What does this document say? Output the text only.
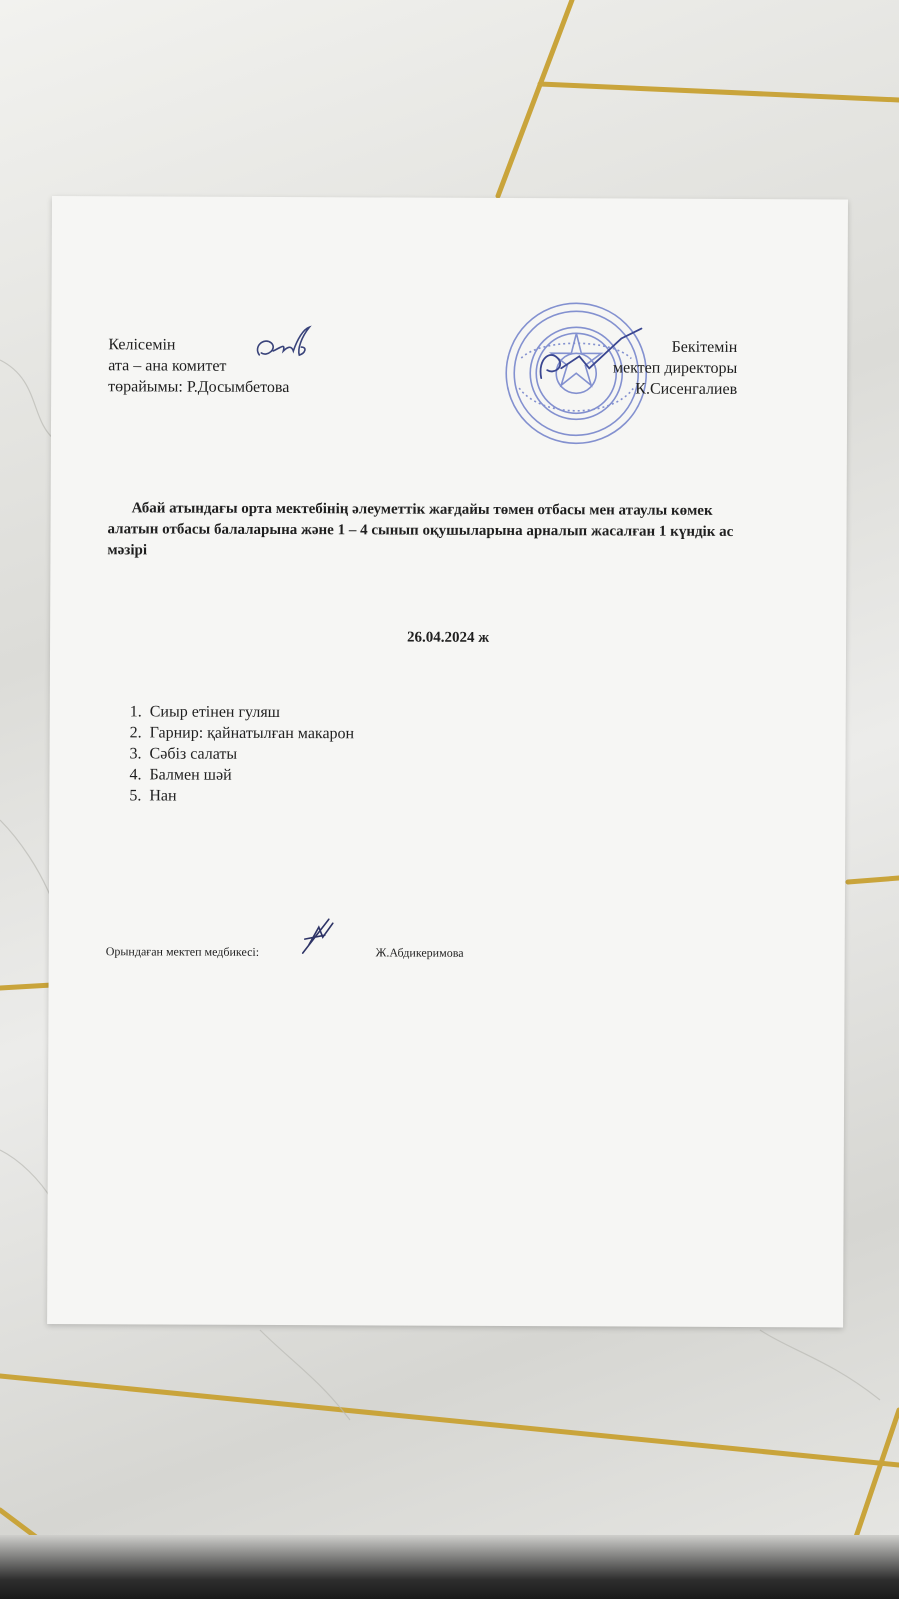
Келісемін
ата – ана комитет
төрайымы: Р.Досымбетова
Бекітемін
мектеп директоры
К.Сисенгалиев
Абай атындағы орта мектебінің әлеуметтік жағдайы төмен отбасы мен атаулы көмек алатын отбасы балаларына және 1 – 4 сынып оқушыларына арналып жасалған 1 күндік ас мәзірі
26.04.2024 ж
1. Сиыр етінен гуляш
2. Гарнир: қайнатылған макарон
3. Сәбіз салаты
4. Балмен шәй
5. Нан
Орындаған мектеп медбикесі:	Ж.Абдикеримова
